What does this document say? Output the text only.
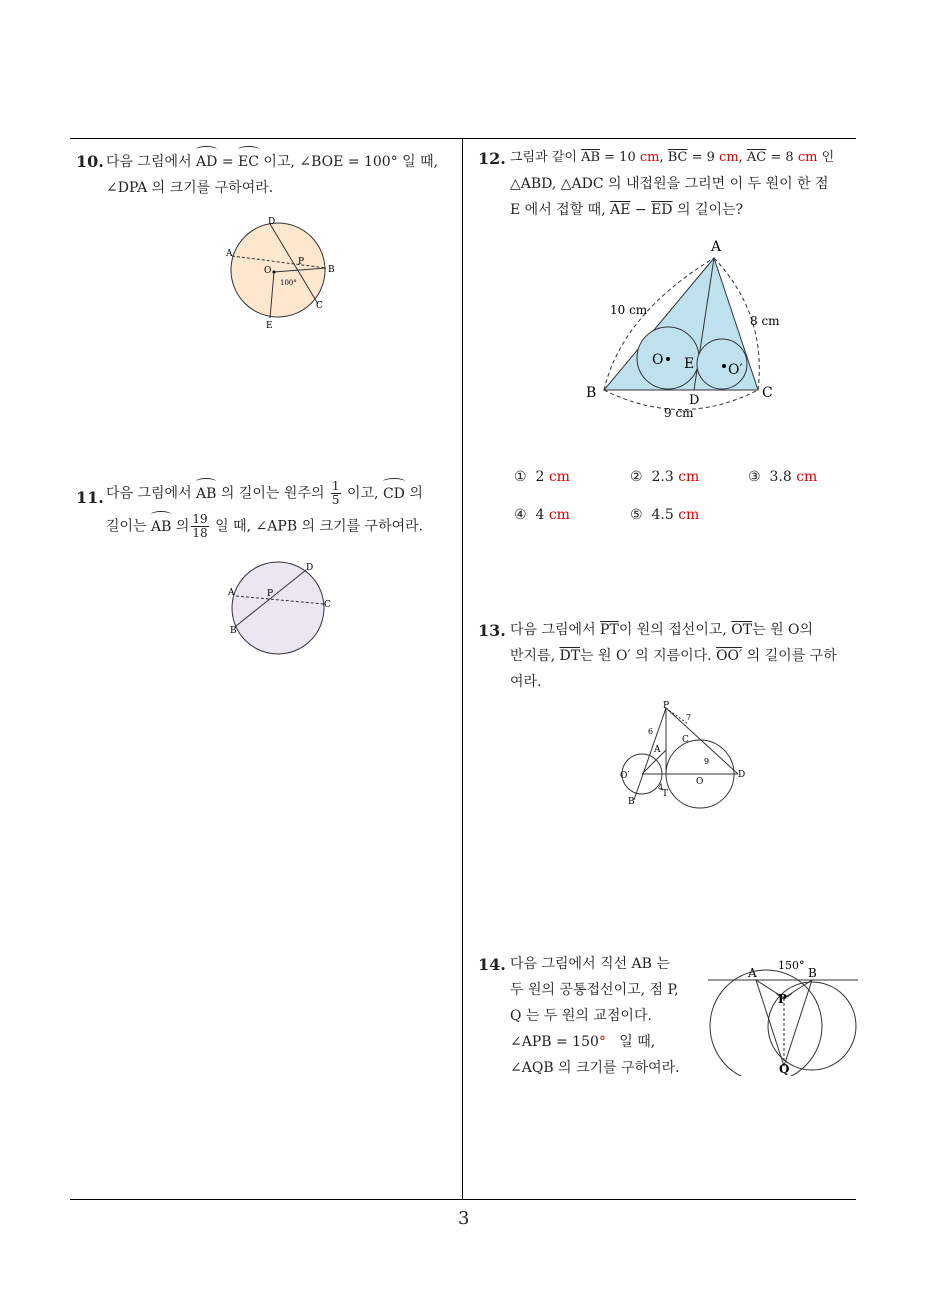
10. 다음 그림에서 AD = EC 이고, ∠BOE = 100° 일 때,
∠DPA 의 크기를 구하여라.
D
A
P
O	B
100°
C
E
11. 다음 그림에서 AB 의 길이는 원주의 $\frac{1}{5}$ 이고, CD 의
길이는 AB 의 $\frac{19}{18}$ 일 때, ∠APB 의 크기를 구하여라.
D
A	P
C
B
12. 그림과 같이 $\overline{AB} = 10$ cm, $\overline{BC} = 9$ cm, $\overline{AC} = 8$ cm 인
△ABD, △ADC 의 내접원을 그리면 이 두 원이 한 점
E 에서 접할 때, $\overline{AE} - \overline{ED}$ 의 길이는?
A
B	C
D
E
O
O′
10 cm
8 cm
9 cm
① 2 cm	② 2.3 cm	③ 3.8 cm
④ 4 cm	⑤ 4.5 cm
13. 다음 그림에서 $\overline{PT}$이 원의 접선이고, $\overline{OT}$는 원 O의
반지름, $\overline{DT}$는 원 O′ 의 지름이다. OO′ 의 길이를 구하
여라.
P
A
C
O′
O
D
B
T
6
7
9
4
14. 다음 그림에서 직선 AB 는
두 원의 공통접선이고, 점 P,
Q 는 두 원의 교점이다.
∠APB = 150° 일 때,
∠AQB 의 크기를 구하여라.
A	B
150°
P
Q
3
